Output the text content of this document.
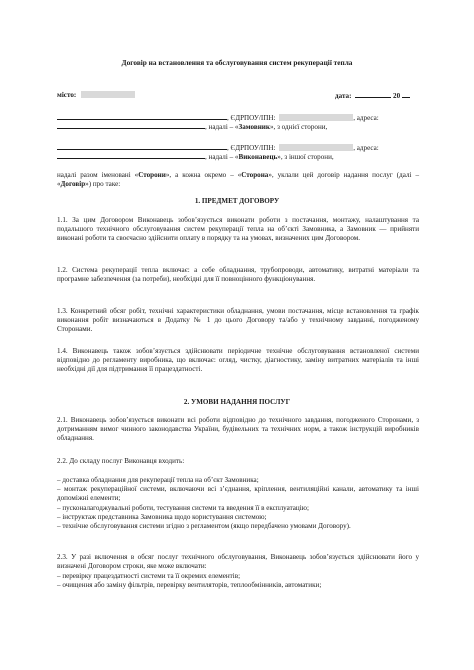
Договір на встановлення та обслуговування систем рекуперації тепла
місто:	дата:	20
, ЄДРПОУ/ІПН:	, адреса:
, надалі – «Замовник», з однієї сторони,
, ЄДРПОУ/ІПН:	, адреса:
, надалі – «Виконавець», з іншої сторони,
надалі разом іменовані «Сторони», а кожна окремо – «Сторона», уклали цей договір надання послуг (далі – «Договір») про таке:
1. ПРЕДМЕТ ДОГОВОРУ
1.1. За цим Договором Виконавець зобов’язується виконати роботи з постачання, монтажу, налаштування та подальшого технічного обслуговування систем рекуперації тепла на об’єкті Замовника, а Замовник — прийняти виконані роботи та своєчасно здійснити оплату в порядку та на умовах, визначених цим Договором.
1.2. Система рекуперації тепла включає: а себе обладнання, трубопроводи, автоматику, витратні матеріали та програмне забезпечення (за потреби), необхідні для її повноцінного функціонування.
1.3. Конкретний обсяг робіт, технічні характеристики обладнання, умови постачання, місце встановлення та графік виконання робіт визначаються в Додатку № 1 до цього Договору та/або у технічному завданні, погодженому Сторонами.
1.4. Виконавець також зобов’язується здійснювати періодичне технічне обслуговування встановленої системи відповідно до регламенту виробника, що включає: огляд, чистку, діагностику, заміну витратних матеріалів та інші необхідні дії для підтримання її працездатності.
2. УМОВИ НАДАННЯ ПОСЛУГ
2.1. Виконавець зобов’язується виконати всі роботи відповідно до технічного завдання, погодженого Сторонами, з дотриманням вимог чинного законодавства України, будівельних та технічних норм, а також інструкцій виробників обладнання.
2.2. До складу послуг Виконавця входить:
– доставка обладнання для рекуперації тепла на об’єкт Замовника;
– монтаж рекупераційної системи, включаючи всі з’єднання, кріплення, вентиляційні канали, автоматику та інші допоміжні елементи;
– пусконалагоджувальні роботи, тестування системи та введення її в експлуатацію;
– інструктаж представника Замовника щодо користування системою;
– технічне обслуговування системи згідно з регламентом (якщо передбачено умовами Договору).
2.3. У разі включення в обсяг послуг технічного обслуговування, Виконавець зобов’язується здійснювати його у визначені Договором строки, яке може включати:
– перевірку працездатності системи та її окремих елементів;
– очищення або заміну фільтрів, перевірку вентиляторів, теплообмінників, автоматики;
